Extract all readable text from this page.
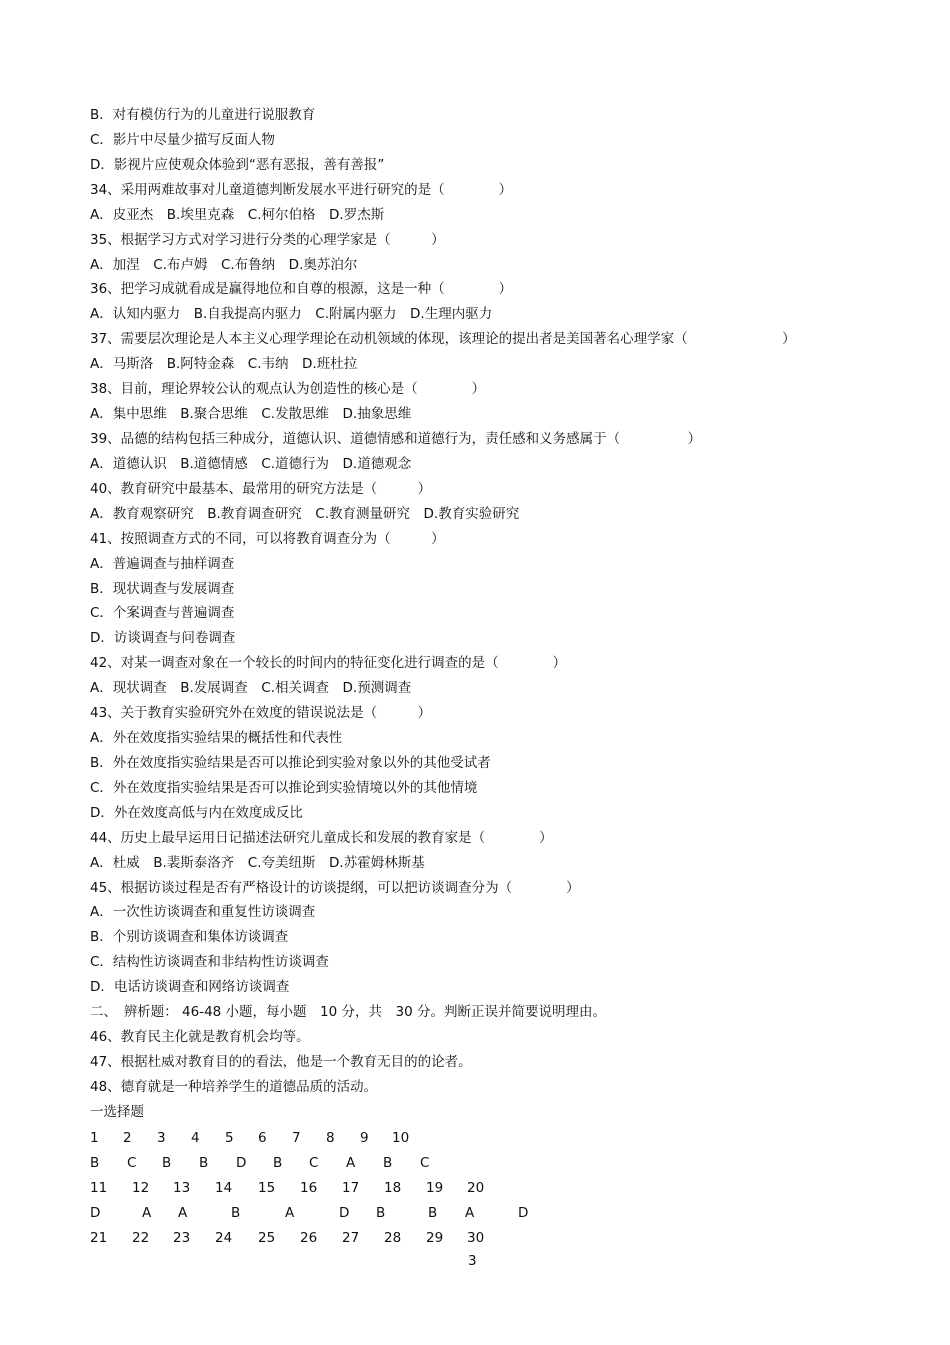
B．对有模仿行为的儿童进行说服教育
C．影片中尽量少描写反面人物
D．影视片应使观众体验到“恶有恶报，善有善报”
34、采用两难故事对儿童道德判断发展水平进行研究的是（　　　　）
A．皮亚杰　B.埃里克森　C.柯尔伯格　D.罗杰斯
35、根据学习方式对学习进行分类的心理学家是（　　　）
A．加涅　C.布卢姆　C.布鲁纳　D.奥苏泊尔
36、把学习成就看成是赢得地位和自尊的根源，这是一种（　　　　）
A．认知内驱力　B.自我提高内驱力　C.附属内驱力　D.生理内驱力
37、需要层次理论是人本主义心理学理论在动机领域的体现，该理论的提出者是美国著名心理学家（　　　　　　　）
A．马斯洛　B.阿特金森　C.韦纳　D.班杜拉
38、目前，理论界较公认的观点认为创造性的核心是（　　　　）
A．集中思维　B.聚合思维　C.发散思维　D.抽象思维
39、品德的结构包括三种成分，道德认识、道德情感和道德行为，责任感和义务感属于（　　　　　）
A．道德认识　B.道德情感　C.道德行为　D.道德观念
40、教育研究中最基本、最常用的研究方法是（　　　）
A．教育观察研究　B.教育调查研究　C.教育测量研究　D.教育实验研究
41、按照调查方式的不同，可以将教育调查分为（　　　）
A．普遍调查与抽样调查
B．现状调查与发展调查
C．个案调查与普遍调查
D．访谈调查与问卷调查
42、对某一调查对象在一个较长的时间内的特征变化进行调查的是（　　　　）
A．现状调查　B.发展调查　C.相关调查　D.预测调查
43、关于教育实验研究外在效度的错误说法是（　　　）
A．外在效度指实验结果的概括性和代表性
B．外在效度指实验结果是否可以推论到实验对象以外的其他受试者
C．外在效度指实验结果是否可以推论到实验情境以外的其他情境
D．外在效度高低与内在效度成反比
44、历史上最早运用日记描述法研究儿童成长和发展的教育家是（　　　　）
A．杜威　B.裴斯泰洛齐　C.夸美纽斯　D.苏霍姆林斯基
45、根据访谈过程是否有严格设计的访谈提纲，可以把访谈调查分为（　　　　）
A．一次性访谈调查和重复性访谈调查
B．个别访谈调查和集体访谈调查
C．结构性访谈调查和非结构性访谈调查
D．电话访谈调查和网络访谈调查
二、　辨析题： 46-48 小题，每小题　10 分，共　30 分。判断正误并简要说明理由。
46、教育民主化就是教育机会均等。
47、根据杜威对教育目的的看法，他是一个教育无目的的论者。
48、德育就是一种培养学生的道德品质的活动。
一选择题
1 2 3 4 5 6 7 8 9 10
B C B B D B C A B C
11 12 13 14 15 16 17 18 19 20
D	A A	B	A	D B	B A	D
21 22 23 24 25 26 27 28 29 30
3
